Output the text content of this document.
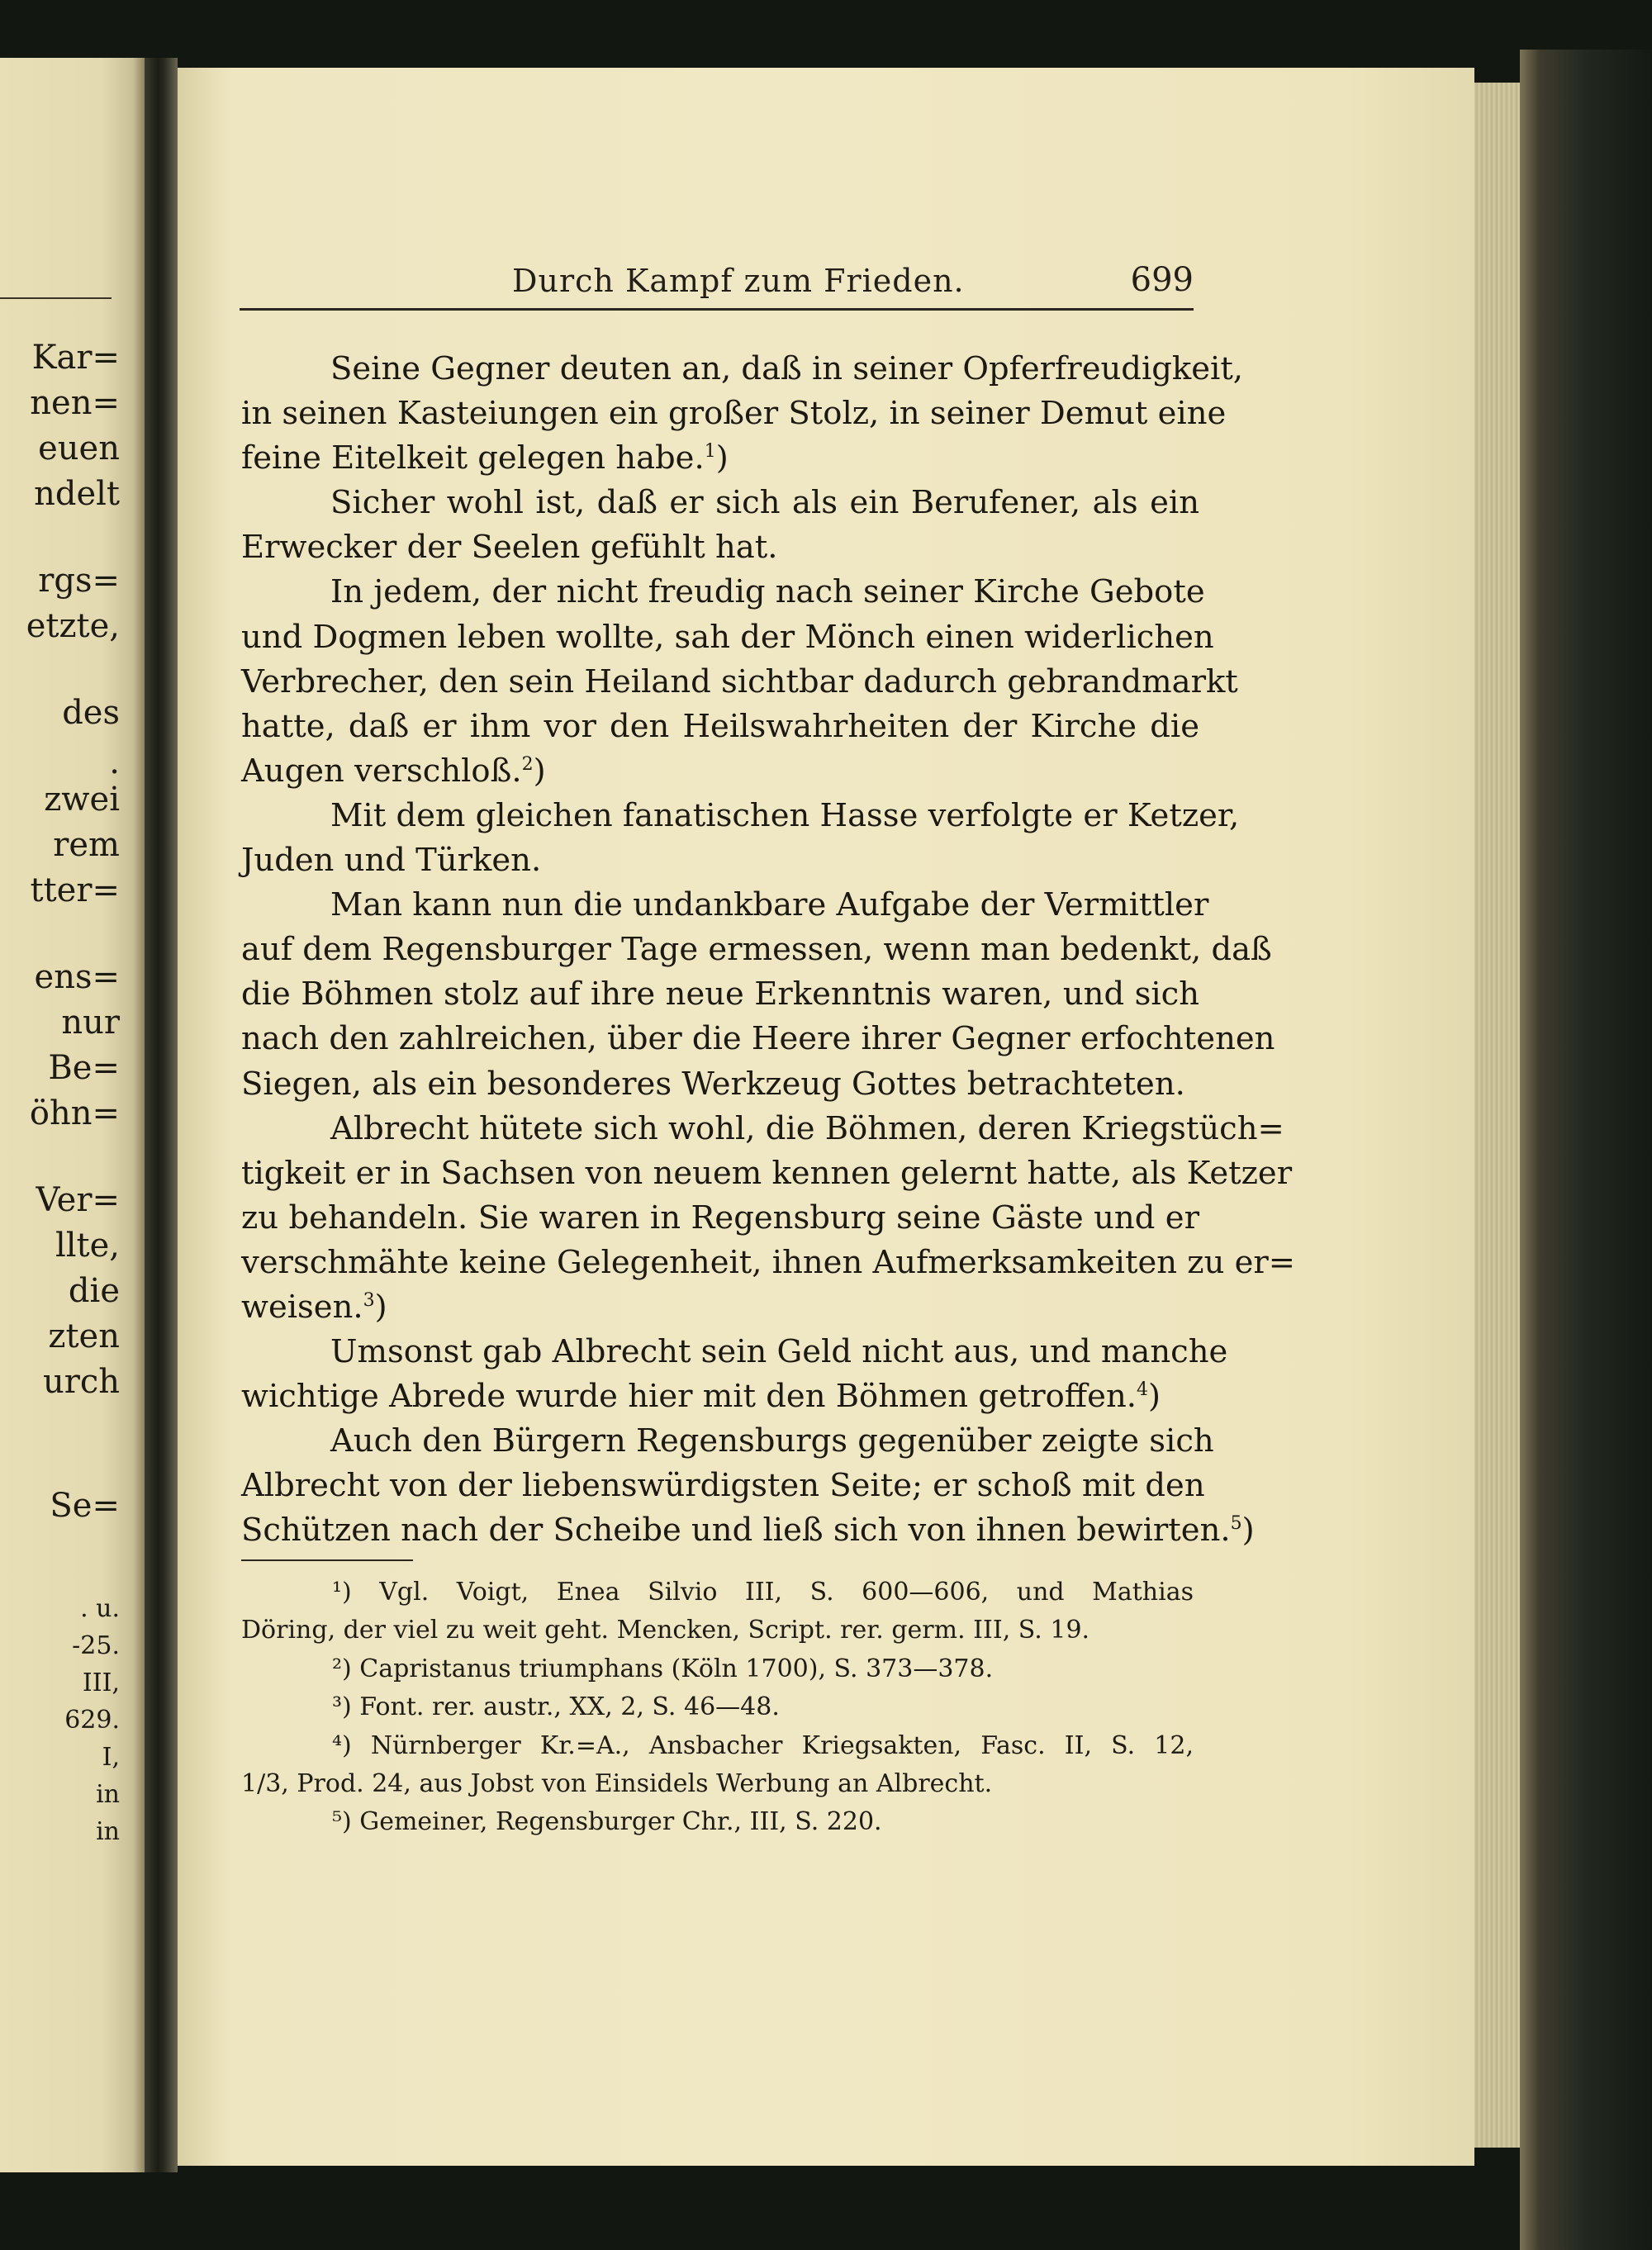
Kar=
nen=
euen
ndelt
rgs=
etzte,
des
.
zwei
rem
tter=
ens=
nur
Be=
öhn=
Ver=
llte,
die
zten
urch
Se=
. u.
-25.
III,
629.
I,
in
in
Durch Kampf zum Frieden.	699
Seine Gegner deuten an, daß in seiner Opferfreudigkeit,
in seinen Kasteiungen ein großer Stolz, in seiner Demut eine
feine Eitelkeit gelegen habe.$^1$)
Sicher wohl ist, daß er sich als ein Berufener, als ein
Erwecker der Seelen gefühlt hat.
In jedem, der nicht freudig nach seiner Kirche Gebote
und Dogmen leben wollte, sah der Mönch einen widerlichen
Verbrecher, den sein Heiland sichtbar dadurch gebrandmarkt
hatte, daß er ihm vor den Heilswahrheiten der Kirche die
Augen verschloß.$^2$)
Mit dem gleichen fanatischen Hasse verfolgte er Ketzer,
Juden und Türken.
Man kann nun die undankbare Aufgabe der Vermittler
auf dem Regensburger Tage ermessen, wenn man bedenkt, daß
die Böhmen stolz auf ihre neue Erkenntnis waren, und sich
nach den zahlreichen, über die Heere ihrer Gegner erfochtenen
Siegen, als ein besonderes Werkzeug Gottes betrachteten.
Albrecht hütete sich wohl, die Böhmen, deren Kriegstüch=
tigkeit er in Sachsen von neuem kennen gelernt hatte, als Ketzer
zu behandeln. Sie waren in Regensburg seine Gäste und er
verschmähte keine Gelegenheit, ihnen Aufmerksamkeiten zu er=
weisen.$^3$)
Umsonst gab Albrecht sein Geld nicht aus, und manche
wichtige Abrede wurde hier mit den Böhmen getroffen.$^4$)
Auch den Bürgern Regensburgs gegenüber zeigte sich
Albrecht von der liebenswürdigsten Seite; er schoß mit den
Schützen nach der Scheibe und ließ sich von ihnen bewirten.$^5$)
¹) Vgl. Voigt, Enea Silvio III, S. 600—606, und Mathias
Döring, der viel zu weit geht. Mencken, Script. rer. germ. III, S. 19.
²) Capristanus triumphans (Köln 1700), S. 373—378.
³) Font. rer. austr., XX, 2, S. 46—48.
⁴) Nürnberger Kr.=A., Ansbacher Kriegsakten, Fasc. II, S. 12,
1/3, Prod. 24, aus Jobst von Einsidels Werbung an Albrecht.
⁵) Gemeiner, Regensburger Chr., III, S. 220.
